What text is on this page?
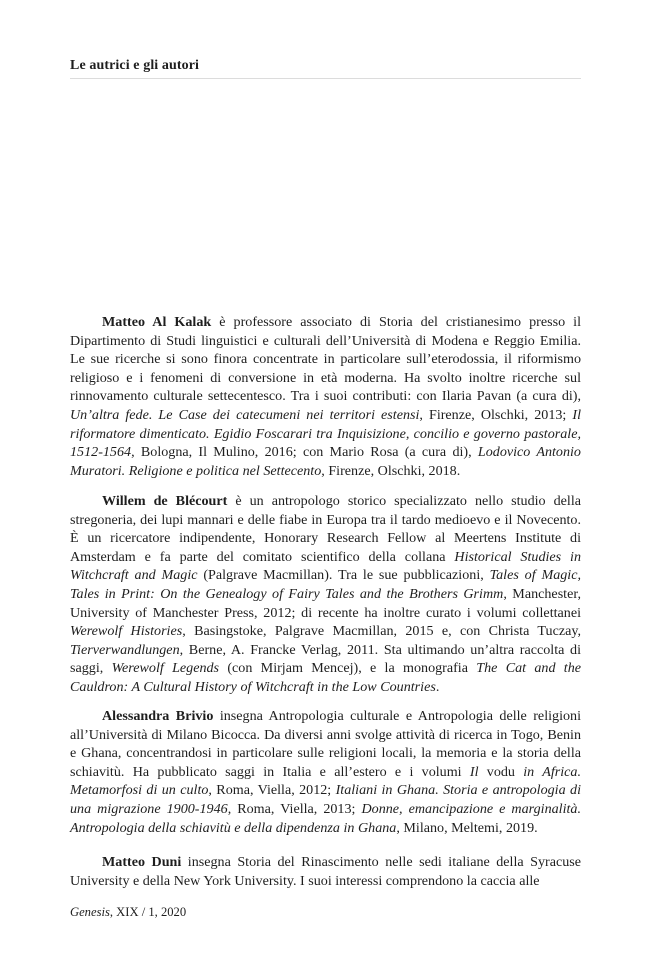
Le autrici e gli autori

Matteo Al Kalak è professore associato di Storia del cristianesimo presso il Dipartimento di Studi linguistici e culturali dell’Università di Modena e Reggio Emilia. Le sue ricerche si sono finora concentrate in particolare sull’eterodossia, il riformismo religioso e i fenomeni di conversione in età moderna. Ha svolto inoltre ricerche sul rinnovamento culturale settecentesco. Tra i suoi contributi: con Ilaria Pavan (a cura di), Un’altra fede. Le Case dei catecumeni nei territori estensi, Firenze, Olschki, 2013; Il riformatore dimenticato. Egidio Foscarari tra Inquisizione, concilio e governo pastorale, 1512-1564, Bologna, Il Mulino, 2016; con Mario Rosa (a cura di), Lodovico Antonio Muratori. Religione e politica nel Settecento, Firenze, Olschki, 2018.

Willem de Blécourt è un antropologo storico specializzato nello studio della stregoneria, dei lupi mannari e delle fiabe in Europa tra il tardo medioevo e il Novecento. È un ricercatore indipendente, Honorary Research Fellow al Meertens Institute di Amsterdam e fa parte del comitato scientifico della collana Historical Studies in Witchcraft and Magic (Palgrave Macmillan). Tra le sue pubblicazioni, Tales of Magic, Tales in Print: On the Genealogy of Fairy Tales and the Brothers Grimm, Manchester, University of Manchester Press, 2012; di recente ha inoltre curato i volumi collettanei Werewolf Histories, Basingstoke, Palgrave Macmillan, 2015 e, con Christa Tuczay, Tierverwandlungen, Berne, A. Francke Verlag, 2011. Sta ultimando un’altra raccolta di saggi, Werewolf Legends (con Mirjam Mencej), e la monografia The Cat and the Cauldron: A Cultural History of Witchcraft in the Low Countries.

Alessandra Brivio insegna Antropologia culturale e Antropologia delle religioni all’Università di Milano Bicocca. Da diversi anni svolge attività di ricerca in Togo, Benin e Ghana, concentrandosi in particolare sulle religioni locali, la memoria e la storia della schiavitù. Ha pubblicato saggi in Italia e all’estero e i volumi Il vodu in Africa. Metamorfosi di un culto, Roma, Viella, 2012; Italiani in Ghana. Storia e antropologia di una migrazione 1900-1946, Roma, Viella, 2013; Donne, emancipazione e marginalità. Antropologia della schiavitù e della dipendenza in Ghana, Milano, Meltemi, 2019.

Matteo Duni insegna Storia del Rinascimento nelle sedi italiane della Syracuse University e della New York University. I suoi interessi comprendono la caccia alle

Genesis, XIX / 1, 2020
